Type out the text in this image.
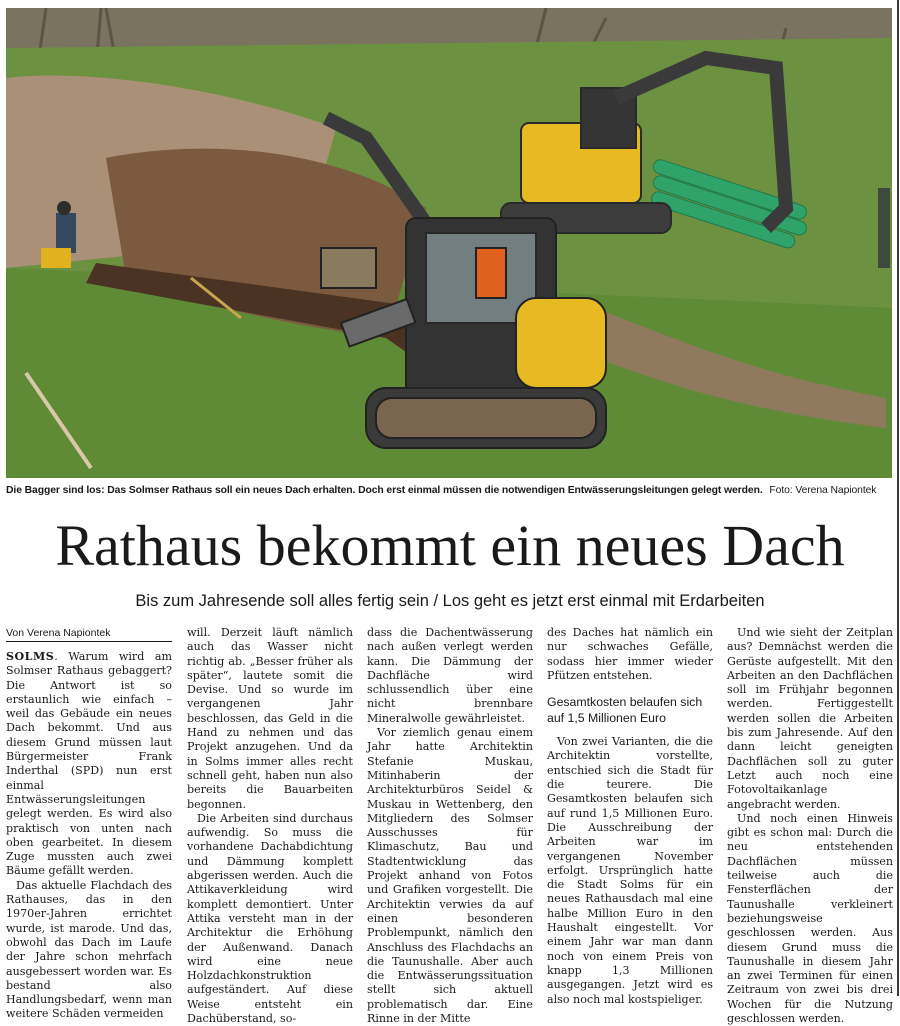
Die Bagger sind los: Das Solmser Rathaus soll ein neues Dach erhalten. Doch erst einmal müssen die notwendigen Entwässerungsleitungen gelegt werden. Foto: Verena Napiontek
Rathaus bekommt ein neues Dach
Bis zum Jahresende soll alles fertig sein / Los geht es jetzt erst einmal mit Erdarbeiten
Von Verena Napiontek

SOLMS. Warum wird am Solmser Rathaus gebaggert? Die Antwort ist so erstaunlich wie einfach – weil das Gebäude ein neues Dach bekommt. Und aus diesem Grund müssen laut Bürgermeister Frank Inderthal (SPD) nun erst einmal Entwässerungsleitungen gelegt werden. Es wird also praktisch von unten nach oben gearbeitet. In diesem Zuge mussten auch zwei Bäume gefällt werden.

Das aktuelle Flachdach des Rathauses, das in den 1970er-Jahren errichtet wurde, ist marode. Und das, obwohl das Dach im Laufe der Jahre schon mehrfach ausgebessert worden war. Es bestand also Handlungsbedarf, wenn man weitere Schäden vermeiden

will. Derzeit läuft nämlich auch das Wasser nicht richtig ab. „Besser früher als später“, lautete somit die Devise. Und so wurde im vergangenen Jahr beschlossen, das Geld in die Hand zu nehmen und das Projekt anzugehen. Und da in Solms immer alles recht schnell geht, haben nun also bereits die Bauarbeiten begonnen.

Die Arbeiten sind durchaus aufwendig. So muss die vorhandene Dachabdichtung und Dämmung komplett abgerissen werden. Auch die Attikaverkleidung wird komplett demontiert. Unter Attika versteht man in der Architektur die Erhöhung der Außenwand. Danach wird eine neue Holzdachkonstruktion aufgeständert. Auf diese Weise entsteht ein Dachüberstand, so-

dass die Dachentwässerung nach außen verlegt werden kann. Die Dämmung der Dachfläche wird schlussendlich über eine nicht brennbare Mineralwolle gewährleistet.

Vor ziemlich genau einem Jahr hatte Architektin Stefanie Muskau, Mitinhaberin der Architekturbüros Seidel & Muskau in Wettenberg, den Mitgliedern des Solmser Ausschusses für Klimaschutz, Bau und Stadtentwicklung das Projekt anhand von Fotos und Grafiken vorgestellt. Die Architektin verwies da auf einen besonderen Problempunkt, nämlich den Anschluss des Flachdachs an die Taunushalle. Aber auch die Entwässerungssituation stellt sich aktuell problematisch dar. Eine Rinne in der Mitte

des Daches hat nämlich ein nur schwaches Gefälle, sodass hier immer wieder Pfützen entstehen.

Gesamtkosten belaufen sich auf 1,5 Millionen Euro

Von zwei Varianten, die die Architektin vorstellte, entschied sich die Stadt für die teurere. Die Gesamtkosten belaufen sich auf rund 1,5 Millionen Euro. Die Ausschreibung der Arbeiten war im vergangenen November erfolgt. Ursprünglich hatte die Stadt Solms für ein neues Rathausdach mal eine halbe Million Euro in den Haushalt eingestellt. Vor einem Jahr war man dann noch von einem Preis von knapp 1,3 Millionen ausgegangen. Jetzt wird es also noch mal kostspieliger.

Und wie sieht der Zeitplan aus? Demnächst werden die Gerüste aufgestellt. Mit den Arbeiten an den Dachflächen soll im Frühjahr begonnen werden. Fertiggestellt werden sollen die Arbeiten bis zum Jahresende. Auf den dann leicht geneigten Dachflächen soll zu guter Letzt auch noch eine Fotovoltaikanlage angebracht werden.

Und noch einen Hinweis gibt es schon mal: Durch die neu entstehenden Dachflächen müssen teilweise auch die Fensterflächen der Taunushalle verkleinert beziehungsweise geschlossen werden. Aus diesem Grund muss die Taunushalle in diesem Jahr an zwei Terminen für einen Zeitraum von zwei bis drei Wochen für die Nutzung geschlossen werden.
